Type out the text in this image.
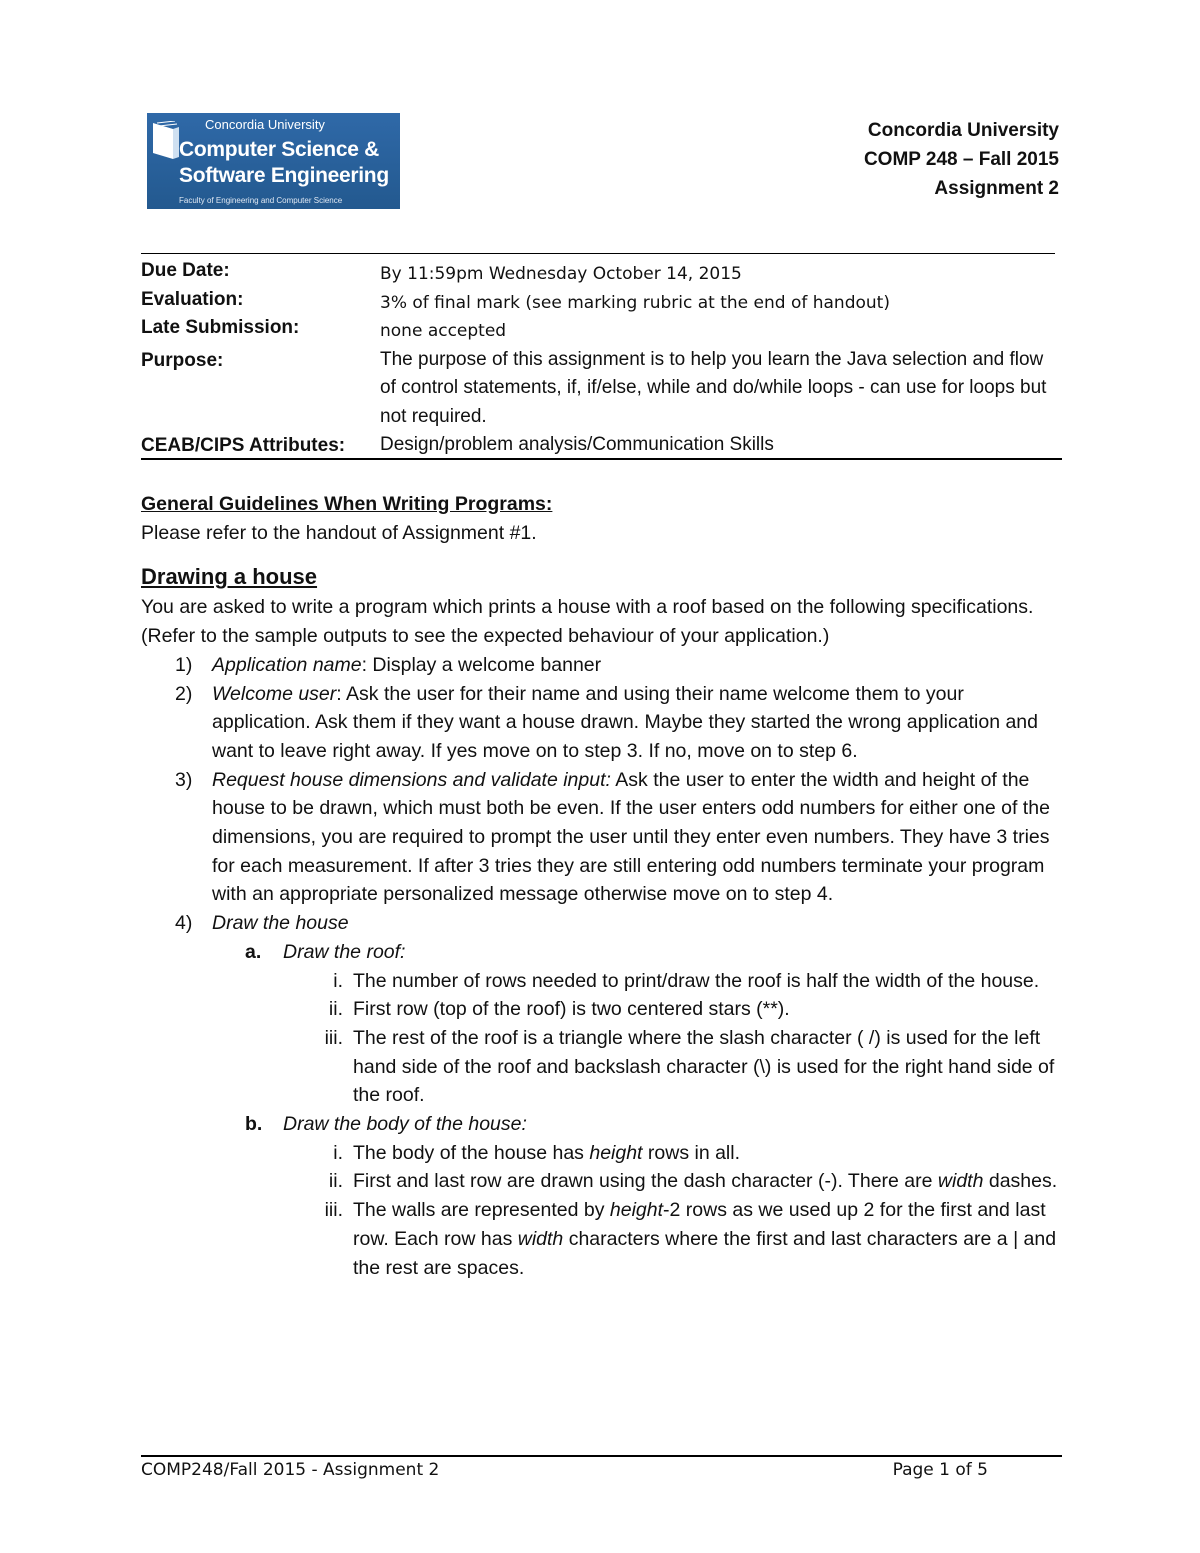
Concordia University
Computer Science &
Software Engineering
Faculty of Engineering and Computer Science
Concordia University
COMP 248 – Fall 2015
Assignment 2
Due Date:	By 11:59pm Wednesday October 14, 2015
Evaluation:	3% of final mark (see marking rubric at the end of handout)
Late Submission:	none accepted
Purpose:	The purpose of this assignment is to help you learn the Java selection and flow of control statements, if, if/else, while and do/while loops - can use for loops but not required.
CEAB/CIPS Attributes:	Design/problem analysis/Communication Skills

General Guidelines When Writing Programs:

Please refer to the handout of Assignment #1.

Drawing a house

You are asked to write a program which prints a house with a roof based on the following specifications. (Refer to the sample outputs to see the expected behaviour of your application.)

1) Application name: Display a welcome banner
2) Welcome user: Ask the user for their name and using their name welcome them to your application. Ask them if they want a house drawn. Maybe they started the wrong application and want to leave right away. If yes move on to step 3. If no, move on to step 6.
3) Request house dimensions and validate input: Ask the user to enter the width and height of the house to be drawn, which must both be even. If the user enters odd numbers for either one of the dimensions, you are required to prompt the user until they enter even numbers. They have 3 tries for each measurement. If after 3 tries they are still entering odd numbers terminate your program with an appropriate personalized message otherwise move on to step 4.
4) Draw the house
a. Draw the roof:
i. The number of rows needed to print/draw the roof is half the width of the house.
ii. First row (top of the roof) is two centered stars (**).
iii. The rest of the roof is a triangle where the slash character ( /) is used for the left hand side of the roof and backslash character (\) is used for the right hand side of the roof.
b. Draw the body of the house:
i. The body of the house has height rows in all.
ii. First and last row are drawn using the dash character (-). There are width dashes.
iii. The walls are represented by height-2 rows as we used up 2 for the first and last row. Each row has width characters where the first and last characters are a | and the rest are spaces.
COMP248/Fall 2015 - Assignment 2	Page 1 of 5
